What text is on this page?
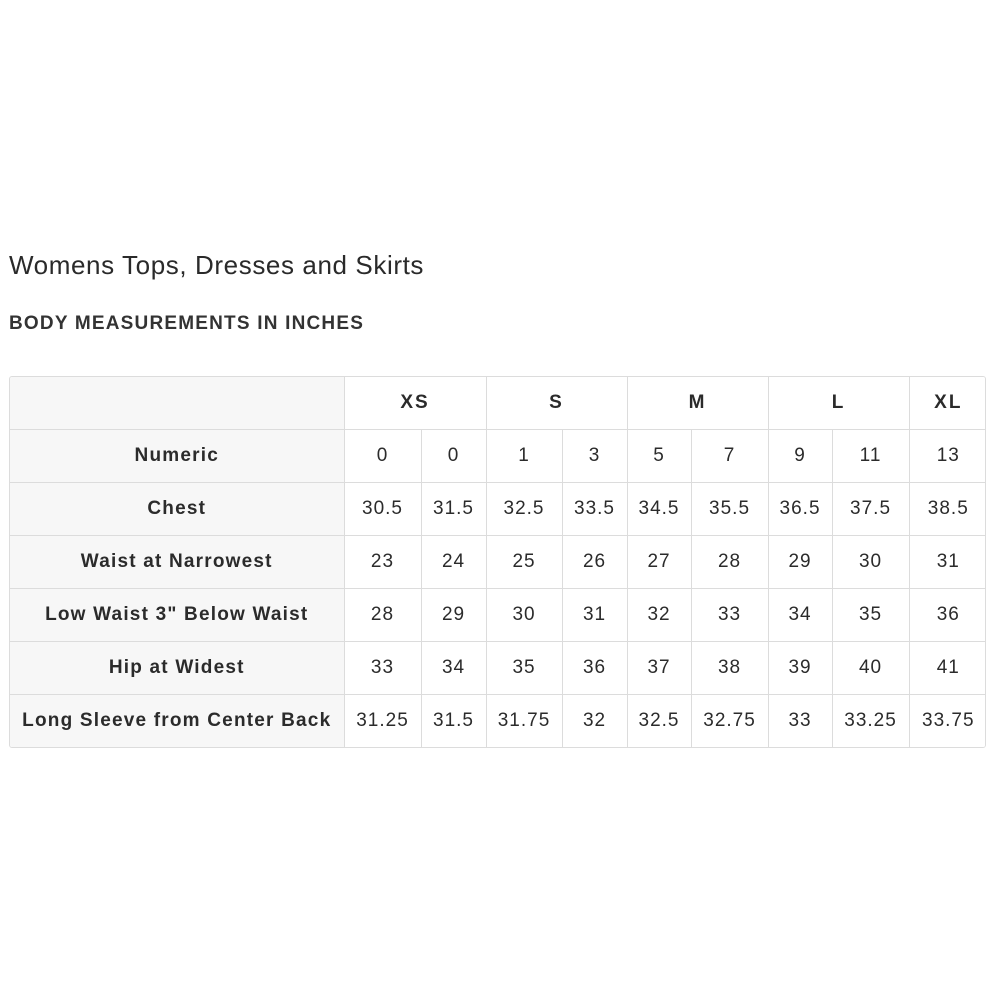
Womens Tops, Dresses and Skirts
BODY MEASUREMENTS IN INCHES
	XS		S		M		L		XL
Numeric	0	0	1	3	5	7	9	11	13
Chest	30.5	31.5	32.5	33.5	34.5	35.5	36.5	37.5	38.5
Waist at Narrowest	23	24	25	26	27	28	29	30	31
Low Waist 3" Below Waist	28	29	30	31	32	33	34	35	36
Hip at Widest	33	34	35	36	37	38	39	40	41
Long Sleeve from Center Back	31.25	31.5	31.75	32	32.5	32.75	33	33.25	33.75
